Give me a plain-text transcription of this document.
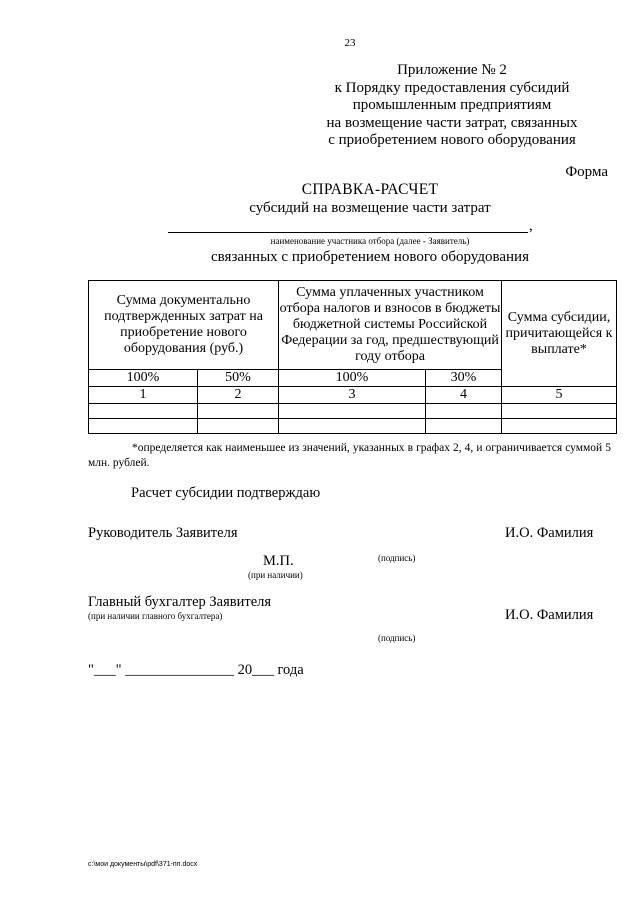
23
Приложение № 2
к Порядку предоставления субсидий
промышленным предприятиям
на возмещение части затрат, связанных
с приобретением нового оборудования
Форма
СПРАВКА-РАСЧЕТ
субсидий на возмещение части затрат
,
наименование участника отбора (далее - Заявитель)
связанных с приобретением нового оборудования
Сумма документально подтвержденных затрат на приобретение нового оборудования (руб.)		Сумма уплаченных участником отбора налогов и взносов в бюджеты бюджетной системы Российской Федерации за год, предшествующий году отбора		Сумма субсидии, причитающейся к выплате*
100%	50%	100%	30%	
1	2	3	4	5

*определяется как наименьшее из значений, указанных в графах 2, 4, и ограничивается суммой 5 млн. рублей.
Расчет субсидии подтверждаю
Руководитель Заявителя	И.О. Фамилия
М.П.
(при наличии)
(подпись)
Главный бухгалтер Заявителя
(при наличии главного бухгалтера)	И.О. Фамилия
(подпись)
"___" _______________ 20___ года
c:\мои документы\pdf\371-пп.docx
